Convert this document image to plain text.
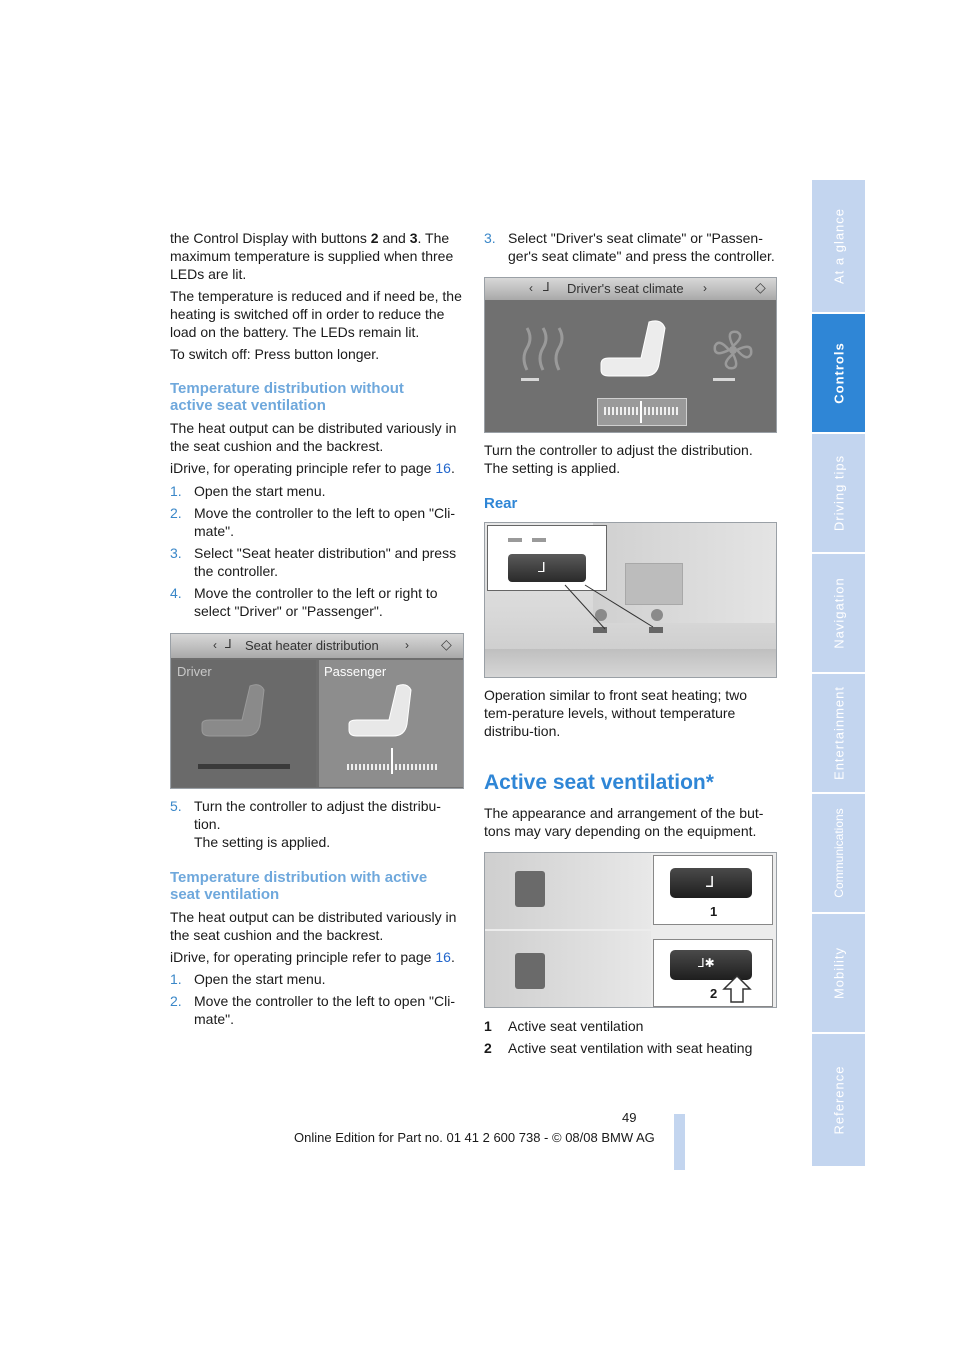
the Control Display with buttons 2 and 3. The maximum temperature is supplied when three LEDs are lit.

The temperature is reduced and if need be, the heating is switched off in order to reduce the load on the battery. The LEDs remain lit.

To switch off: Press button longer.

Temperature distribution without active seat ventilation

The heat output can be distributed variously in the seat cushion and the backrest.

iDrive, for operating principle refer to page 16.

1. Open the start menu.
2. Move the controller to the left to open "Cli-mate".
3. Select "Seat heater distribution" and press the controller.
4. Move the controller to the left or right to select "Driver" or "Passenger".
‹ ⅃ Seat heater distribution › ◇
Driver	Passenger
5. Turn the controller to adjust the distribu-tion.
The setting is applied.
Temperature distribution with active seat ventilation

The heat output can be distributed variously in the seat cushion and the backrest.

iDrive, for operating principle refer to page 16.

1. Open the start menu.
2. Move the controller to the left to open "Cli-mate".
3. Select "Driver's seat climate" or "Passen-ger's seat climate" and press the controller.
‹ ⅃ Driver's seat climate ›	◇

Turn the controller to adjust the distribution. The setting is applied.

Rear
⅃

Operation similar to front seat heating; two tem-perature levels, without temperature distribu-tion.

Active seat ventilation*

The appearance and arrangement of the but-tons may vary depending on the equipment.

⅃
1
⅃✱
2
1 Active seat ventilation
2 Active seat ventilation with seat heating
49
Online Edition for Part no. 01 41 2 600 738 - © 08/08 BMW AG
At a glance
Controls
Driving tips
Navigation
Entertainment
Communications
Mobility
Reference
